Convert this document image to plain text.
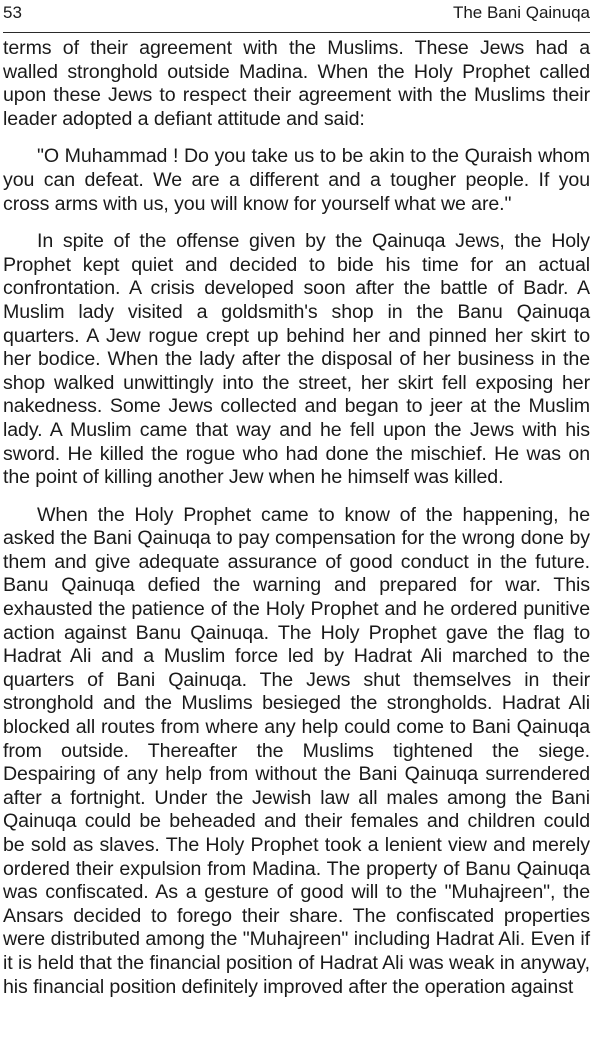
53	The Bani Qainuqa

terms of their agreement with the Muslims. These Jews had a walled stronghold outside Madina. When the Holy Prophet called upon these Jews to respect their agreement with the Muslims their leader adopted a defiant attitude and said:

"O Muhammad ! Do you take us to be akin to the Quraish whom you can defeat. We are a different and a tougher people. If you cross arms with us, you will know for yourself what we are."

In spite of the offense given by the Qainuqa Jews, the Holy Prophet kept quiet and decided to bide his time for an actual confrontation. A crisis developed soon after the battle of Badr. A Muslim lady visited a goldsmith's shop in the Banu Qainuqa quarters. A Jew rogue crept up behind her and pinned her skirt to her bodice. When the lady after the disposal of her business in the shop walked unwittingly into the street, her skirt fell exposing her nakedness. Some Jews collected and began to jeer at the Muslim lady. A Muslim came that way and he fell upon the Jews with his sword. He killed the rogue who had done the mischief. He was on the point of killing another Jew when he himself was killed.

When the Holy Prophet came to know of the happening, he asked the Bani Qainuqa to pay compensation for the wrong done by them and give adequate assurance of good conduct in the future. Banu Qainuqa defied the warning and prepared for war. This exhausted the patience of the Holy Prophet and he ordered punitive action against Banu Qainuqa. The Holy Prophet gave the flag to Hadrat Ali and a Muslim force led by Hadrat Ali marched to the quarters of Bani Qainuqa. The Jews shut themselves in their stronghold and the Muslims besieged the strongholds. Hadrat Ali blocked all routes from where any help could come to Bani Qainuqa from outside. Thereafter the Muslims tightened the siege. Despairing of any help from without the Bani Qainuqa surrendered after a fortnight. Under the Jewish law all males among the Bani Qainuqa could be beheaded and their females and children could be sold as slaves. The Holy Prophet took a lenient view and merely ordered their expulsion from Madina. The property of Banu Qainuqa was confiscated. As a gesture of good will to the "Muhajreen", the Ansars decided to forego their share. The confiscated properties were distributed among the "Muhajreen" including Hadrat Ali. Even if it is held that the financial position of Hadrat Ali was weak in anyway, his financial position definitely improved after the operation against
